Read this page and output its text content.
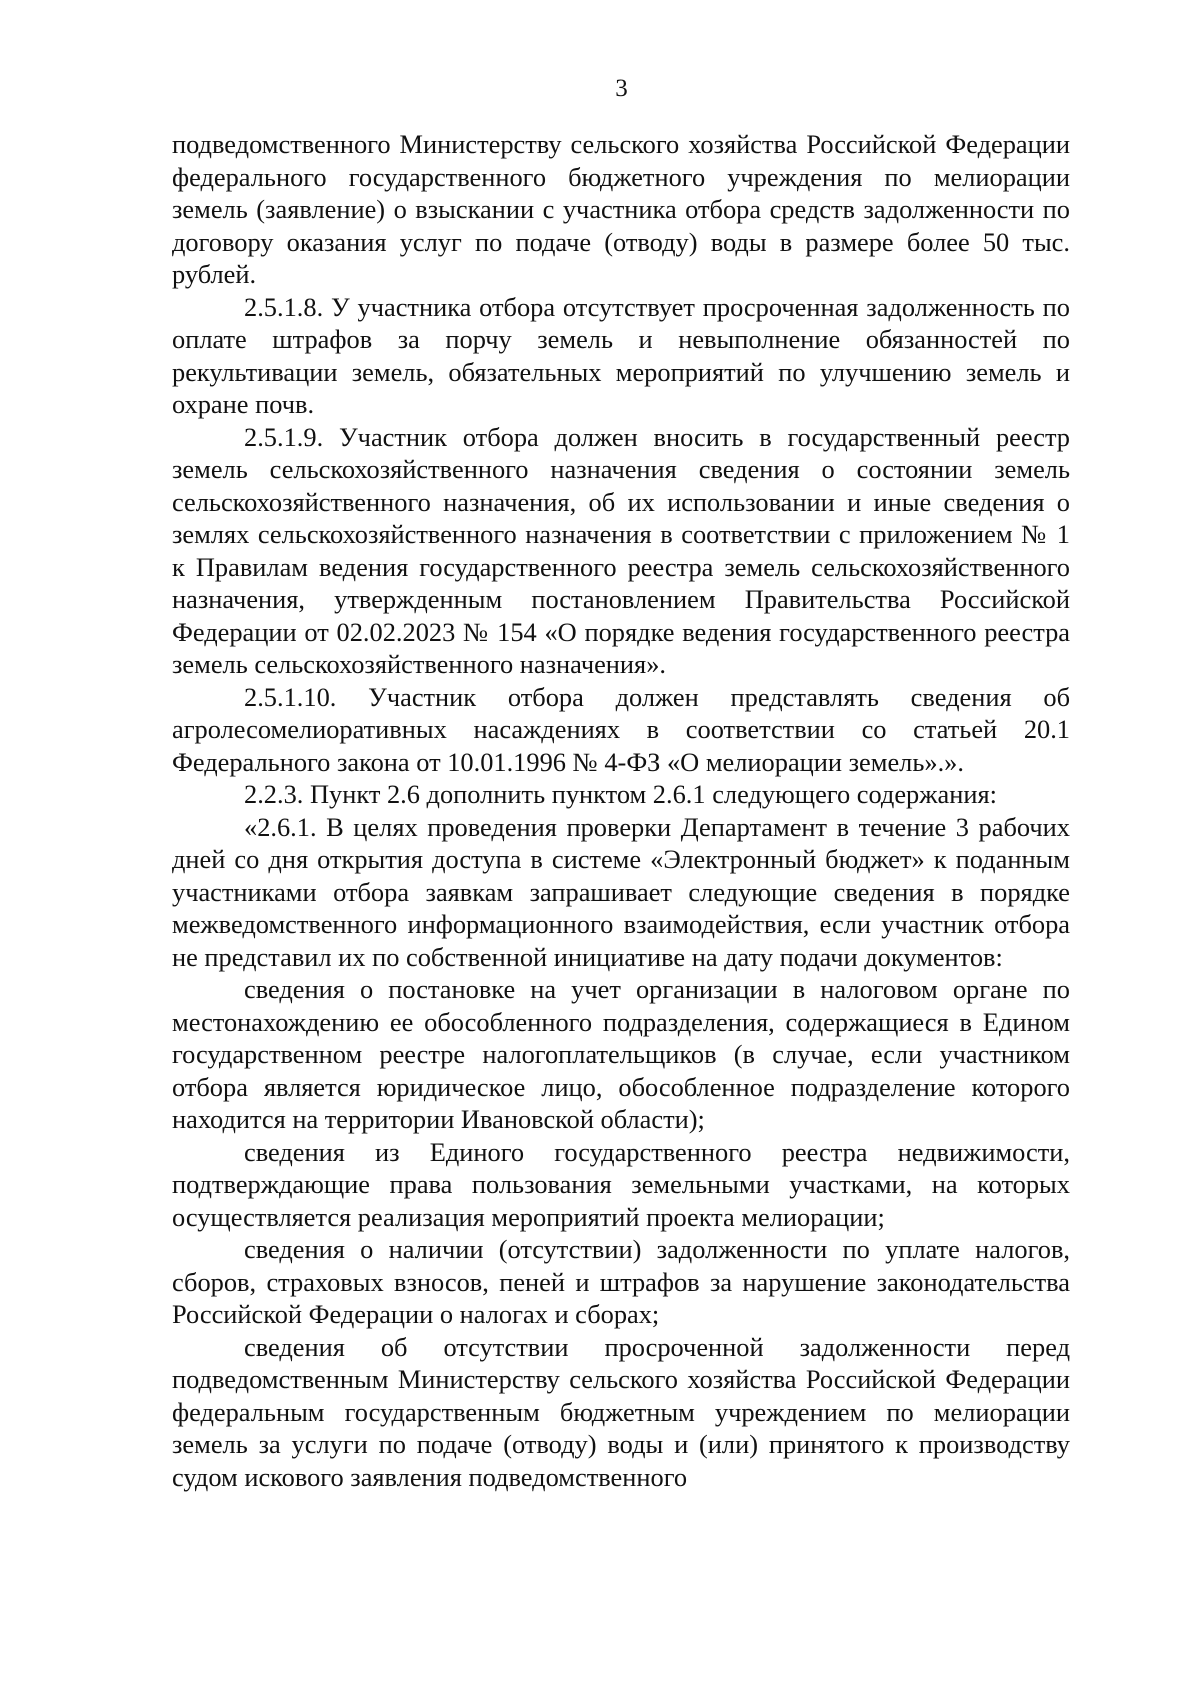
3

подведомственного Министерству сельского хозяйства Российской Федерации федерального государственного бюджетного учреждения по мелиорации земель (заявление) о взыскании с участника отбора средств задолженности по договору оказания услуг по подаче (отводу) воды в размере более 50 тыс. рублей.

2.5.1.8. У участника отбора отсутствует просроченная задолженность по оплате штрафов за порчу земель и невыполнение обязанностей по рекультивации земель, обязательных мероприятий по улучшению земель и охране почв.

2.5.1.9. Участник отбора должен вносить в государственный реестр земель сельскохозяйственного назначения сведения о состоянии земель сельскохозяйственного назначения, об их использовании и иные сведения о землях сельскохозяйственного назначения в соответствии с приложением № 1 к Правилам ведения государственного реестра земель сельскохозяйственного назначения, утвержденным постановлением Правительства Российской Федерации от 02.02.2023 № 154 «О порядке ведения государственного реестра земель сельскохозяйственного назначения».

2.5.1.10. Участник отбора должен представлять сведения об агролесомелиоративных насаждениях в соответствии со статьей 20.1 Федерального закона от 10.01.1996 № 4-ФЗ «О мелиорации земель».».

2.2.3. Пункт 2.6 дополнить пунктом 2.6.1 следующего содержания:

«2.6.1. В целях проведения проверки Департамент в течение 3 рабочих дней со дня открытия доступа в системе «Электронный бюджет» к поданным участниками отбора заявкам запрашивает следующие сведения в порядке межведомственного информационного взаимодействия, если участник отбора не представил их по собственной инициативе на дату подачи документов:

сведения о постановке на учет организации в налоговом органе по местонахождению ее обособленного подразделения, содержащиеся в Едином государственном реестре налогоплательщиков (в случае, если участником отбора является юридическое лицо, обособленное подразделение которого находится на территории Ивановской области);

сведения из Единого государственного реестра недвижимости, подтверждающие права пользования земельными участками, на которых осуществляется реализация мероприятий проекта мелиорации;

сведения о наличии (отсутствии) задолженности по уплате налогов, сборов, страховых взносов, пеней и штрафов за нарушение законодательства Российской Федерации о налогах и сборах;

сведения об отсутствии просроченной задолженности перед подведомственным Министерству сельского хозяйства Российской Федерации федеральным государственным бюджетным учреждением по мелиорации земель за услуги по подаче (отводу) воды и (или) принятого к производству судом искового заявления подведомственного
